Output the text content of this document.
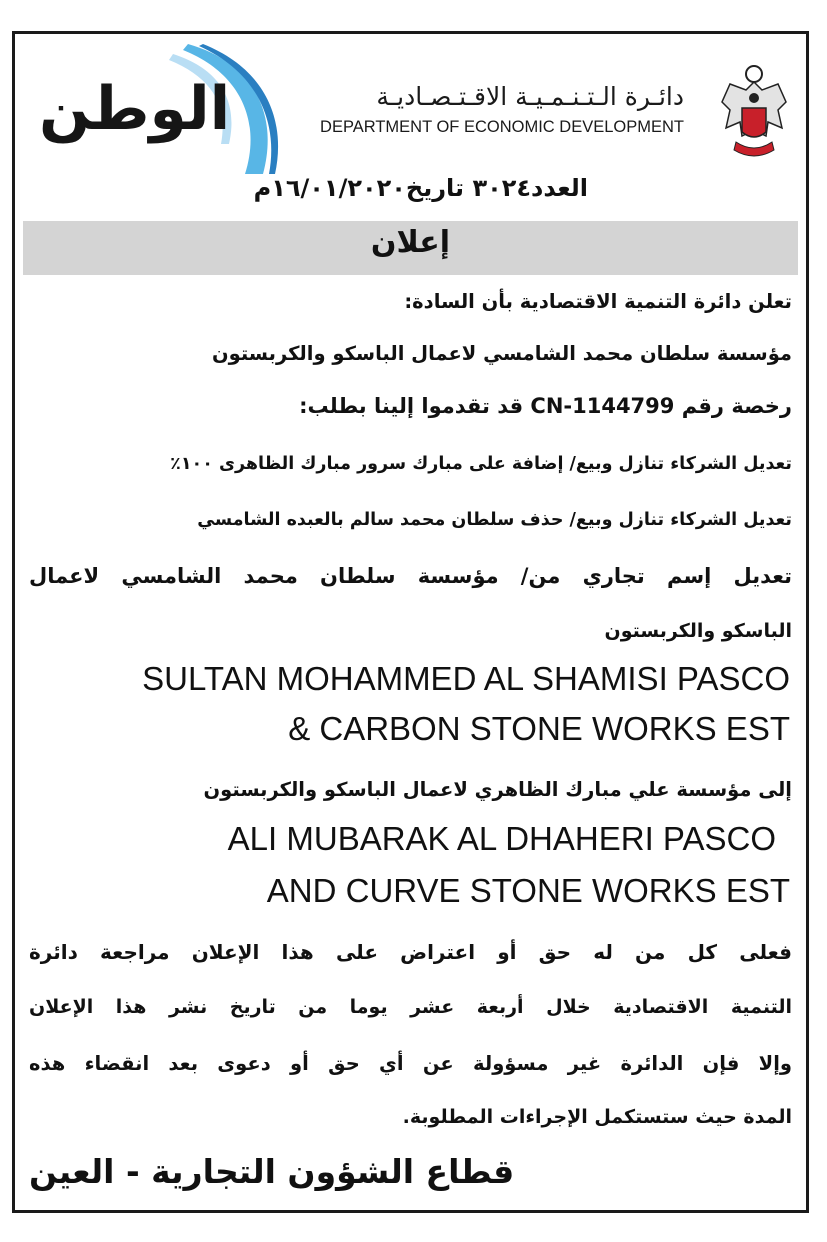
الوطن	دائـرة الـتـنـمـيـة الاقـتـصـاديـة
DEPARTMENT OF ECONOMIC DEVELOPMENT
العدد٣٠٢٤ تاريخ١٦/٠١/٢٠٢٠م
إعلان
تعلن دائرة التنمية الاقتصادية بأن السادة:
مؤسسة سلطان محمد الشامسي لاعمال الباسكو والكربستون
رخصة رقم CN-1144799 قد تقدموا إلينا بطلب:
تعديل الشركاء تنازل وبيع/ إضافة على مبارك سرور مبارك الظاهرى ١٠٠٪
تعديل الشركاء تنازل وبيع/ حذف سلطان محمد سالم بالعبده الشامسي
تعديل إسم تجاري من/ مؤسسة سلطان محمد الشامسي لاعمال
الباسكو والكربستون
SULTAN MOHAMMED AL SHAMISI PASCO
& CARBON STONE WORKS EST
إلى مؤسسة علي مبارك الظاهري لاعمال الباسكو والكربستون
ALI MUBARAK AL DHAHERI PASCO
AND CURVE STONE WORKS EST
فعلى كل من له حق أو اعتراض على هذا الإعلان مراجعة دائرة
التنمية الاقتصادية خلال أربعة عشر يوما من تاريخ نشر هذا الإعلان
وإلا فإن الدائرة غير مسؤولة عن أي حق أو دعوى بعد انقضاء هذه
المدة حيث ستستكمل الإجراءات المطلوبة.
قطاع الشؤون التجارية - العين
